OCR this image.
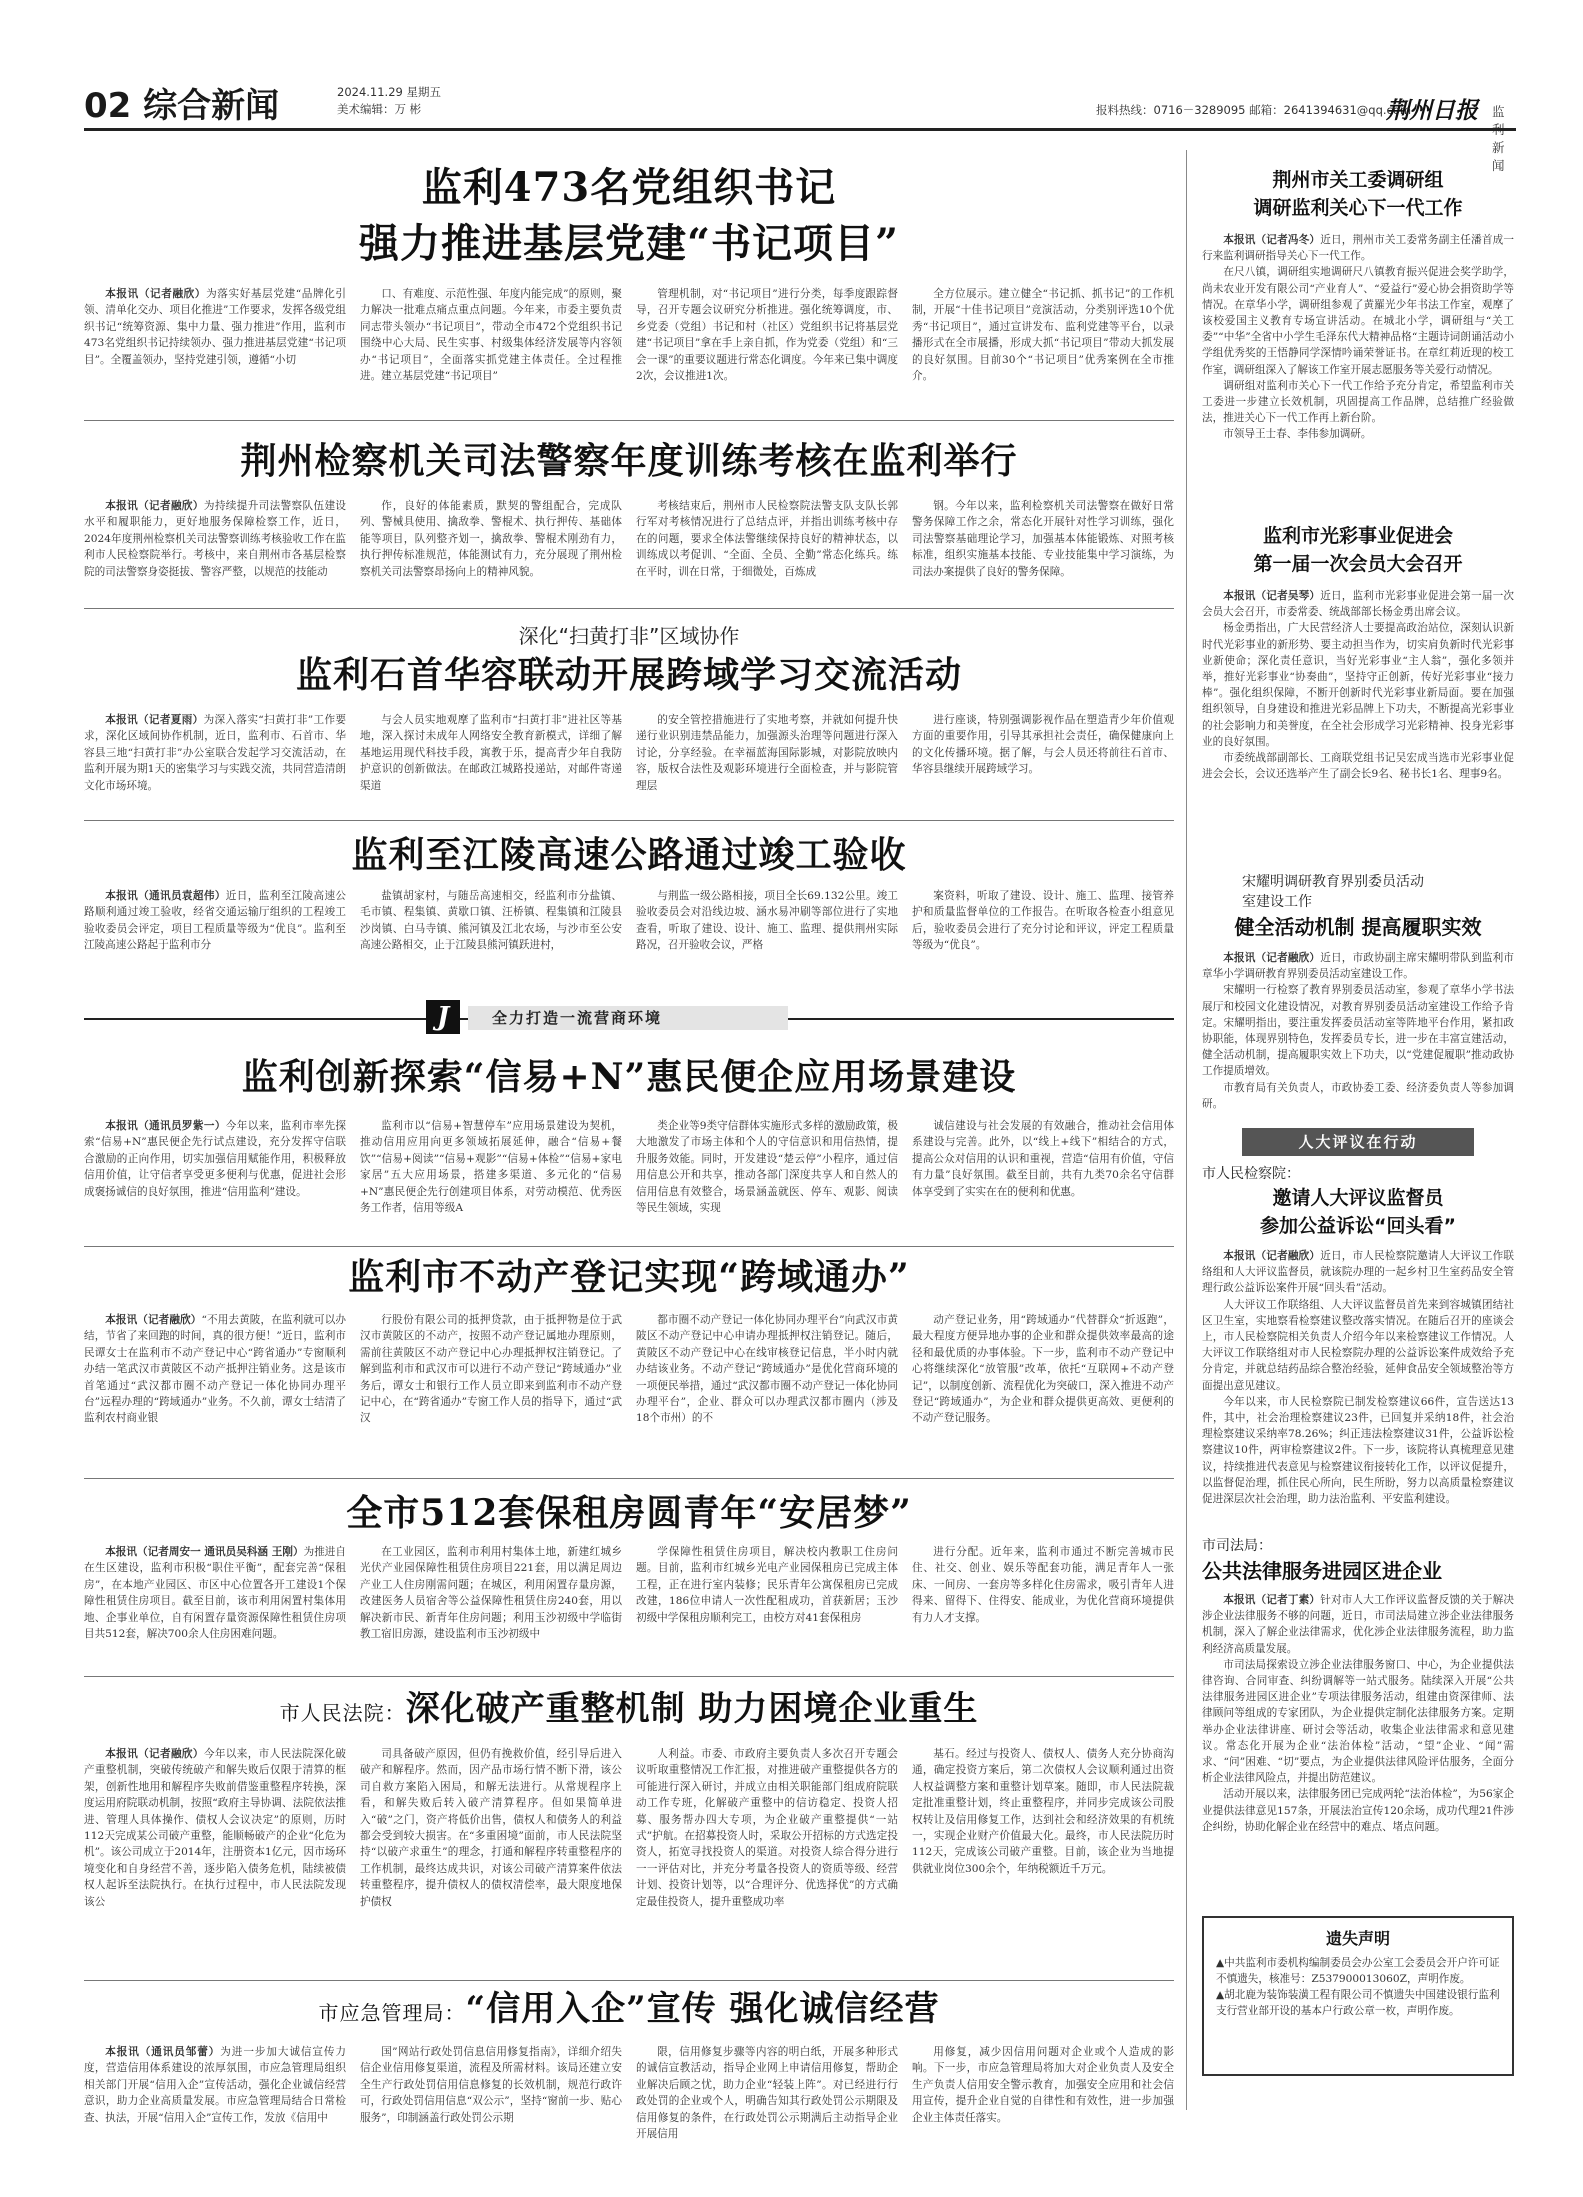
02 综合新闻	2024.11.29 星期五
美术编辑：万 彬	报料热线：0716－3289095 邮箱：2641394631@qq.com
荆州日报 监利新闻
监利473名党组织书记
强力推进基层党建“书记项目”

本报讯（记者融欣）为落实好基层党建“品牌化引领、清单化交办、项目化推进”工作要求，发挥各级党组织书记“统筹资源、集中力量、强力推进”作用，监利市473名党组织书记持续领办、强力推进基层党建“书记项目”。全覆盖领办，坚持党建引领，遵循“小切

口、有难度、示范性强、年度内能完成”的原则，聚力解决一批难点痛点重点问题。今年来，市委主要负责同志带头领办“书记项目”，带动全市472个党组织书记围绕中心大局、民生实事、村级集体经济发展等内容领办“书记项目”，全面落实抓党建主体责任。全过程推进。建立基层党建“书记项目”

管理机制，对“书记项目”进行分类，每季度跟踪督导，召开专题会议研究分析推进。强化统筹调度，市、乡党委（党组）书记和村（社区）党组织书记将基层党建“书记项目”拿在手上亲自抓，作为党委（党组）和“三会一课”的重要议题进行常态化调度。今年来已集中调度2次，会议推进1次。

全方位展示。建立健全“书记抓、抓书记”的工作机制，开展“十佳书记项目”竞演活动，分类别评选10个优秀“书记项目”，通过宣讲发布、监利党建等平台，以录播形式在全市展播，形成大抓“书记项目”带动大抓发展的良好氛围。目前30个“书记项目”优秀案例在全市推介。

荆州检察机关司法警察年度训练考核在监利举行

本报讯（记者融欣）为持续提升司法警察队伍建设水平和履职能力，更好地服务保障检察工作，近日，2024年度荆州检察机关司法警察训练考核验收工作在监利市人民检察院举行。考核中，来自荆州市各基层检察院的司法警察身姿挺拔、警容严整，以规范的技能动

作，良好的体能素质，默契的警组配合，完成队列、警械具使用、擒敌拳、警棍术、执行押传、基础体能等项目，队列整齐划一，擒敌拳、警棍术刚劲有力，执行押传标准规范，体能测试有力，充分展现了荆州检察机关司法警察昂扬向上的精神风貌。

考核结束后，荆州市人民检察院法警支队支队长郭行军对考核情况进行了总结点评，并指出训练考核中存在的问题，要求全体法警继续保持良好的精神状态，以训练成以考促训、“全面、全员、全勤”常态化练兵。练在平时，训在日常，于细微处，百炼成

钢。今年以来，监利检察机关司法警察在做好日常警务保障工作之余，常态化开展针对性学习训练，强化司法警察基础理论学习，加强基本体能锻炼、对照考核标准，组织实施基本技能、专业技能集中学习演练，为司法办案提供了良好的警务保障。

深化“扫黄打非”区域协作
监利石首华容联动开展跨域学习交流活动

本报讯（记者夏雨）为深入落实“扫黄打非”工作要求，深化区域间协作机制，近日，监利市、石首市、华容县三地“扫黄打非”办公室联合发起学习交流活动，在监利开展为期1天的密集学习与实践交流，共同营造清朗文化市场环境。

与会人员实地观摩了监利市“扫黄打非”进社区等基地，深入探讨未成年人网络安全教育新模式，详细了解基地运用现代科技手段，寓教于乐，提高青少年自我防护意识的创新做法。在邮政江城路投递站，对邮件寄递渠道

的安全管控措施进行了实地考察，并就如何提升快递行业识别违禁品能力，加强源头治理等问题进行深入讨论，分享经验。在幸福蓝海国际影城，对影院放映内容，版权合法性及观影环境进行全面检查，并与影院管理层

进行座谈，特别强调影视作品在塑造青少年价值观方面的重要作用，引导其承担社会责任，确保健康向上的文化传播环境。据了解，与会人员还将前往石首市、华容县继续开展跨域学习。

监利至江陵高速公路通过竣工验收

本报讯（通讯员袁超伟）近日，监利至江陵高速公路顺利通过竣工验收，经省交通运输厅组织的工程竣工验收委员会评定，项目工程质量等级为“优良”。监利至江陵高速公路起于监利市分

盐镇胡家村，与随岳高速相交，经监利市分盐镇、毛市镇、程集镇、黄歇口镇、汪桥镇、程集镇和江陵县沙岗镇、白马寺镇、熊河镇及江北农场，与沙市至公安高速公路相交，止于江陵县熊河镇跃进村，

与荆监一级公路相接，项目全长69.132公里。竣工验收委员会对沿线边坡、涵水易冲刷等部位进行了实地查看，听取了建设、设计、施工、监理、提供荆州实际路况，召开验收会议，严格

案资料，听取了建设、设计、施工、监理、接管养护和质量监督单位的工作报告。在听取各检查小组意见后，验收委员会进行了充分讨论和评议，评定工程质量等级为“优良”。

J	全力打造一流营商环境
监利创新探索“信易+N”惠民便企应用场景建设

本报讯（通讯员罗紫一）今年以来，监利市率先探索“信易+N”惠民便企先行试点建设，充分发挥守信联合激励的正向作用，切实加强信用赋能作用，积极释放信用价值，让守信者享受更多便利与优惠，促进社会形成褒扬诚信的良好氛围，推进“信用监利”建设。

监利市以“信易+智慧停车”应用场景建设为契机，推动信用应用向更多领域拓展延伸，融合“信易+餐饮”“信易+阅读”“信易+观影”“信易+体检”“信易+家电家居”五大应用场景，搭建多渠道、多元化的“信易+N”惠民便企先行创建项目体系，对劳动模范、优秀医务工作者，信用等级A

类企业等9类守信群体实施形式多样的激励政策，极大地激发了市场主体和个人的守信意识和用信热情，提升服务效能。同时，开发建设“楚云停”小程序，通过信用信息公开和共享，推动各部门深度共享人和自然人的信用信息有效整合，场景涵盖就医、停车、观影、阅读等民生领域，实现

诚信建设与社会发展的有效融合，推动社会信用体系建设与完善。此外，以“线上+线下”相结合的方式，提高公众对信用的认识和重视，营造“信用有价值，守信有力量”良好氛围。截至目前，共有九类70余名守信群体享受到了实实在在的便利和优惠。

监利市不动产登记实现“跨域通办”

本报讯（记者融欣）“不用去黄陂，在监利就可以办结，节省了来回跑的时间，真的很方便！”近日，监利市民谭女士在监利市不动产登记中心“跨省通办”专窗顺利办结一笔武汉市黄陂区不动产抵押注销业务。这是该市首笔通过“武汉都市圈不动产登记一体化协同办理平台”远程办理的“跨域通办”业务。不久前，谭女士结清了监利农村商业银

行股份有限公司的抵押贷款，由于抵押物是位于武汉市黄陂区的不动产，按照不动产登记属地办理原则，需前往黄陂区不动产登记中心办理抵押权注销登记。了解到监利市和武汉市可以进行不动产登记“跨域通办”业务后，谭女士和银行工作人员立即来到监利市不动产登记中心，在“跨省通办”专窗工作人员的指导下，通过“武汉

都市圈不动产登记一体化协同办理平台”向武汉市黄陂区不动产登记中心申请办理抵押权注销登记。随后，黄陂区不动产登记中心在线审核登记信息，半小时内就办结该业务。不动产登记“跨域通办”是优化营商环境的一项便民举措，通过“武汉都市圈不动产登记一体化协同办理平台”，企业、群众可以办理武汉都市圈内（涉及18个市州）的不

动产登记业务，用“跨域通办”代替群众“折返跑”，最大程度方便异地办事的企业和群众提供效率最高的途径和最优质的办事体验。下一步，监利市不动产登记中心将继续深化“放管服”改革，依托“互联网+不动产登记”，以制度创新、流程优化为突破口，深入推进不动产登记“跨域通办”，为企业和群众提供更高效、更便利的不动产登记服务。

全市512套保租房圆青年“安居梦”

本报讯（记者周安一 通讯员吴科涵 王刚）为推进自在生区建设，监利市积极“职住平衡”，配套完善“保租房”，在本地产业园区、市区中心位置各开工建设1个保障性租赁住房项目。截至目前，该市利用闲置村集体用地、企事业单位，自有闲置存量资源保障性租赁住房项目共512套，解决700余人住房困难问题。

在工业园区，监利市利用村集体土地，新建红城乡光伏产业园保障性租赁住房项目221套，用以满足周边产业工人住房刚需问题；在城区，利用闲置存量房源，改建医务人员宿舍等公益保障性租赁住房240套，用以解决新市民、新青年住房问题；利用玉沙初级中学临街教工宿旧房源，建设监利市玉沙初级中

学保障性租赁住房项目，解决校内教职工住房问题。目前，监利市红城乡光电产业园保租房已完成主体工程，正在进行室内装修；民乐青年公寓保租房已完成改建，186位申请人一次性配租成功，首获新居；玉沙初级中学保租房顺利完工，由校方对41套保租房

进行分配。近年来，监利市通过不断完善城市民住、社交、创业、娱乐等配套功能，满足青年人一张床、一间房、一套房等多样化住房需求，吸引青年人进得来、留得下、住得安、能成业，为优化营商环境提供有力人才支撑。

市人民法院：深化破产重整机制 助力困境企业重生

本报讯（记者融欣）今年以来，市人民法院深化破产重整机制，突破传统破产和解失败后仅限于清算的框架，创新性地用和解程序失败前借鉴重整程序转换，深度运用府院联动机制，按照“政府主导协调、法院依法推进、管理人具体操作、债权人会议决定”的原则，历时112天完成某公司破产重整，能顺畅破产的企业“化危为机”。该公司成立于2014年，注册资本1亿元，因市场环境变化和自身经营不善，逐步陷入债务危机，陆续被债权人起诉至法院执行。在执行过程中，市人民法院发现该公

司具备破产原因，但仍有挽救价值，经引导后进入破产和解程序。然而，因产品市场行情不断下滑，该公司自救方案陷入困局，和解无法进行。从常规程序上看，和解失败后转入破产清算程序。但如果简单进入“破”之门，资产将低价出售，债权人和债务人的利益都会受到较大损害。在“多重困境”面前，市人民法院坚持“以破产求重生”的理念，打通和解程序转重整程序的工作机制，最终达成共识，对该公司破产清算案件依法转重整程序，提升债权人的债权清偿率，最大限度地保护债权

人利益。市委、市政府主要负责人多次召开专题会议听取重整情况工作汇报，对推进破产重整提供各方的可能进行深入研讨，并成立由相关职能部门组成府院联动工作专班，化解破产重整中的信访稳定、投资人招募、服务帮办四大专项，为企业破产重整提供“一站式”护航。在招募投资人时，采取公开招标的方式选定投资人，拓宽寻找投资人的渠道。对投资人综合得分进行一一评估对比，并充分考量各投资人的资质等级、经营计划、投资计划等，以“合理评分、优选择优”的方式确定最佳投资人，提升重整成功率

基石。经过与投资人、债权人、债务人充分协商沟通，确定投资方案后，第二次债权人会议顺利通过出资人权益调整方案和重整计划草案。随即，市人民法院裁定批准重整计划，终止重整程序，并同步完成该公司股权转让及信用修复工作，达到社会和经济效果的有机统一，实现企业财产价值最大化。最终，市人民法院历时112天，完成该公司破产重整。目前，该企业为当地提供就业岗位300余个，年纳税额近千万元。

市应急管理局：“信用入企”宣传 强化诚信经营

本报讯（通讯员邹蕾）为进一步加大诚信宣传力度，营造信用体系建设的浓厚氛围，市应急管理局组织相关部门开展“信用入企”宣传活动，强化企业诚信经营意识，助力企业高质量发展。市应急管理局结合日常检查、执法，开展“信用入企”宣传工作，发放《信用中

国”网站行政处罚信息信用修复指南》，详细介绍失信企业信用修复渠道，流程及所需材料。该局还建立安全生产行政处罚信用信息修复的长效机制，规范行政许可，行政处罚信用信息“双公示”，坚持“窗前一步、贴心服务”，印制涵盖行政处罚公示期

限，信用修复步骤等内容的明白纸，开展多种形式的诚信宣教活动，指导企业网上申请信用修复，帮助企业解决后顾之忧，助力企业“轻装上阵”。对已经进行行政处罚的企业或个人，明确告知其行政处罚公示期限及信用修复的条件，在行政处罚公示期满后主动指导企业开展信用

用修复，减少因信用问题对企业或个人造成的影响。下一步，市应急管理局将加大对企业负责人及安全生产负责人信用安全警示教育，加强安全应用和社会信用宣传，提升企业自觉的自律性和有效性，进一步加强企业主体责任落实。

荆州市关工委调研组
调研监利关心下一代工作

本报讯（记者冯冬）近日，荆州市关工委常务副主任潘首成一行来监利调研指导关心下一代工作。

在尺八镇，调研组实地调研尺八镇教育振兴促进会奖学助学，尚未农业开发有限公司“产业育人”、“爱益行”爱心协会捐资助学等情况。在章华小学，调研组参观了黄羅光少年书法工作室，观摩了该校爱国主义教育专场宣讲活动。在城北小学，调研组与“关工委”“中华”全省中小学生毛泽东代大精神品格“主题诗词朗诵活动小学组优秀奖的王悟静同学深情吟诵荣誉证书。在章红莉近现的校工作室，调研组深入了解该工作室开展志愿服务等关爱行动情况。

调研组对监利市关心下一代工作给予充分肯定，希望监利市关工委进一步建立长效机制，巩固提高工作品牌，总结推广经验做法，推进关心下一代工作再上新台阶。

市领导王士春、李伟参加调研。

监利市光彩事业促进会
第一届一次会员大会召开

本报讯（记者吴琴）近日，监利市光彩事业促进会第一届一次会员大会召开，市委常委、统战部部长杨金勇出席会议。

杨金勇指出，广大民营经济人士要提高政治站位，深刻认识新时代光彩事业的新形势、要主动担当作为，切实肩负新时代光彩事业新使命；深化责任意识，当好光彩事业“主人翁”，强化多领并举，推好光彩事业“协奏曲”，坚持守正创新，传好光彩事业“接力棒”。强化组织保障，不断开创新时代光彩事业新局面。要在加强组织领导，自身建设和推进光彩品牌上下功夫，不断提高光彩事业的社会影响力和美誉度，在全社会形成学习光彩精神、投身光彩事业的良好氛围。

市委统战部副部长、工商联党组书记吴宏成当选市光彩事业促进会会长，会议还选举产生了副会长9名、秘书长1名、理事9名。

宋耀明调研教育界别委员活动
室建设工作
健全活动机制 提高履职实效

本报讯（记者融欣）近日，市政协副主席宋耀明带队到监利市章华小学调研教育界别委员活动室建设工作。

宋耀明一行检察了教育界别委员活动室，参观了章华小学书法展厅和校园文化建设情况，对教育界别委员活动室建设工作给予肯定。宋耀明指出，要注重发挥委员活动室等阵地平台作用，紧扣政协职能，体现界别特色，发挥委员专长，进一步在丰富宣建活动，健全活动机制，提高履职实效上下功夫，以“党建促履职”推动政协工作提质增效。

市教育局有关负责人，市政协委工委、经济委负责人等参加调研。

人大评议在行动
市人民检察院：
邀请人大评议监督员
参加公益诉讼“回头看”

本报讯（记者融欣）近日，市人民检察院邀请人大评议工作联络组和人大评议监督员，就该院办理的一起乡村卫生室药品安全管理行政公益诉讼案件开展“回头看”活动。

人大评议工作联络组、人大评议监督员首先来到容城镇团结社区卫生室，实地察看检察建议整改落实情况。在随后召开的座谈会上，市人民检察院相关负责人介绍今年以来检察建议工作情况。人大评议工作联络组对市人民检察院办理的公益诉讼案件成效给予充分肯定，并就总结药品综合整治经验，延伸食品安全领域整治等方面提出意见建议。

今年以来，市人民检察院已制发检察建议66件，宣告送达13件，其中，社会治理检察建议23件，已回复并采纳18件，社会治理检察建议采纳率78.26%；纠正违法检察建议31件，公益诉讼检察建议10件，两审检察建议2件。下一步，该院将认真梳理意见建议，持续推进代表意见与检察建议衔接转化工作，以评议促提升，以监督促治理，抓住民心所向，民生所盼，努力以高质量检察建议促进深层次社会治理，助力法治监利、平安监利建设。

市司法局：
公共法律服务进园区进企业

本报讯（记者丁素）针对市人大工作评议监督反馈的关于解决涉企业法律服务不够的问题，近日，市司法局建立涉企业法律服务机制，深入了解企业法律需求，优化涉企业法律服务流程，助力监利经济高质量发展。

市司法局探索设立涉企业法律服务窗口、中心，为企业提供法律咨询、合同审查、纠纷调解等一站式服务。陆续深入开展“公共法律服务进园区进企业”专项法律服务活动，组建由资深律师、法律顾问等组成的专家团队，为企业提供定制化法律服务方案。定期举办企业法律讲座、研讨会等活动，收集企业法律需求和意见建议。常态化开展为企业“法治体检”活动，“望”企业、“闻”需求、“问”困难、“切”要点，为企业提供法律风险评估服务，全面分析企业法律风险点，并提出防范建议。

活动开展以来，法律服务团已完成两轮“法治体检”，为56家企业提供法律意见157条，开展法治宣传120余场，成功代理21件涉企纠纷，协助化解企业在经营中的难点、堵点问题。

遗失声明

▲中共监利市委机构编制委员会办公室工会委员会开户许可证不慎遗失，核准号：Z537900013060Z，声明作废。

▲胡北鹿为装饰装潢工程有限公司不慎遗失中国建设银行监利支行营业部开设的基本户行政公章一枚，声明作废。
